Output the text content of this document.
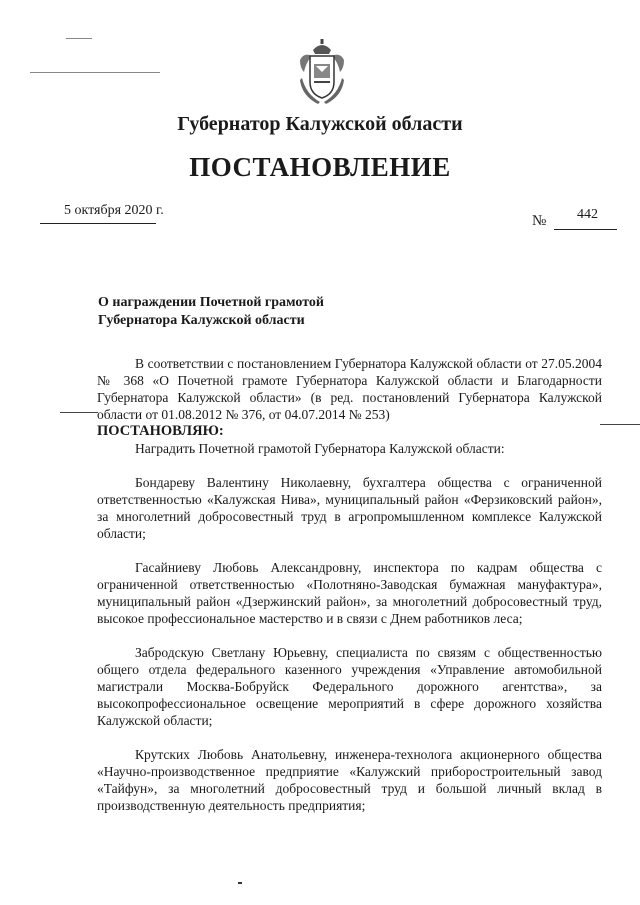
Губернатор Калужской области
ПОСТАНОВЛЕНИЕ
5 октября 2020 г.
№ 442
О награждении Почетной грамотой
Губернатора Калужской области

В соответствии с постановлением Губернатора Калужской области от 27.05.2004 № 368 «О Почетной грамоте Губернатора Калужской области и Благодарности Губернатора Калужской области» (в ред. постановлений Губернатора Калужской области от 01.08.2012 № 376, от 04.07.2014 № 253)

ПОСТАНОВЛЯЮ:

Наградить Почетной грамотой Губернатора Калужской области:

Бондареву Валентину Николаевну, бухгалтера общества с ограниченной ответственностью «Калужская Нива», муниципальный район «Ферзиковский район», за многолетний добросовестный труд в агропромышленном комплексе Калужской области;

Гасайниеву Любовь Александровну, инспектора по кадрам общества с ограниченной ответственностью «Полотняно-Заводская бумажная мануфактура», муниципальный район «Дзержинский район», за многолетний добросовестный труд, высокое профессиональное мастерство и в связи с Днем работников леса;

Забродскую Светлану Юрьевну, специалиста по связям с общественностью общего отдела федерального казенного учреждения «Управление автомобильной магистрали Москва-Бобруйск Федерального дорожного агентства», за высокопрофессиональное освещение мероприятий в сфере дорожного хозяйства Калужской области;

Крутских Любовь Анатольевну, инженера-технолога акционерного общества «Научно-производственное предприятие «Калужский приборостроительный завод «Тайфун», за многолетний добросовестный труд и большой личный вклад в производственную деятельность предприятия;
